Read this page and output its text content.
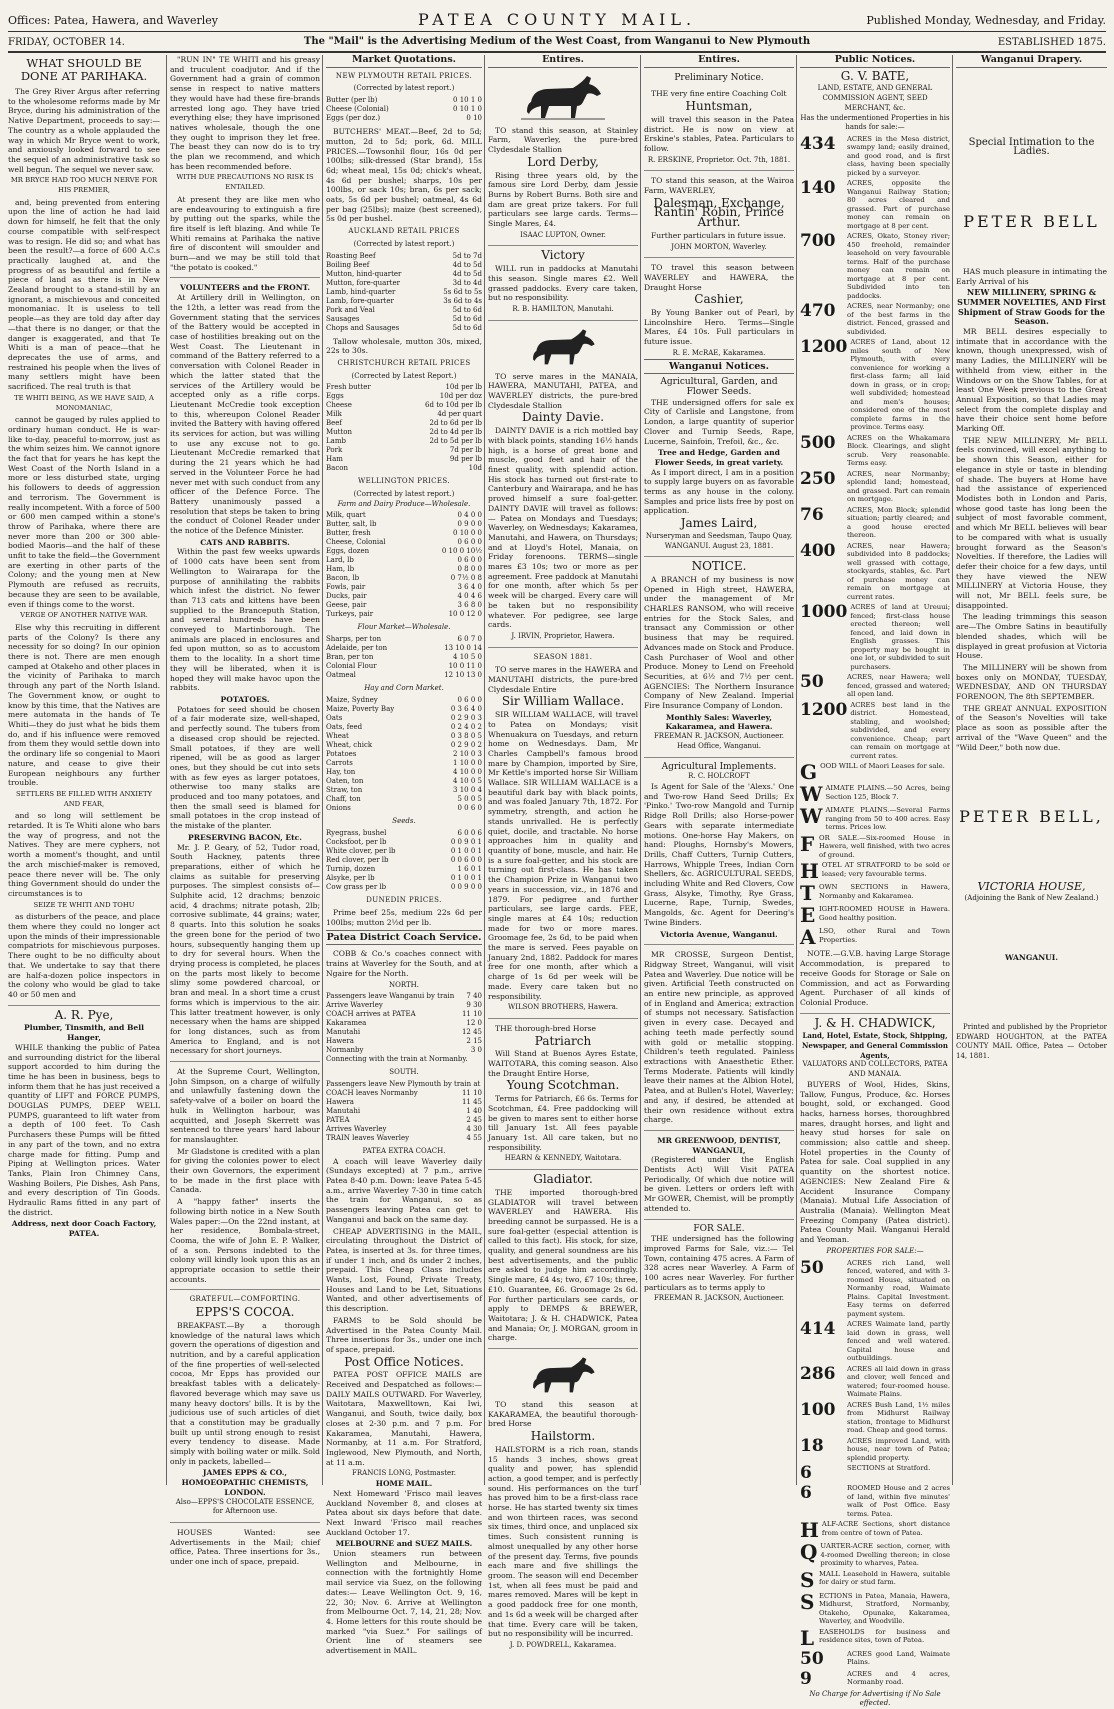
Offices: Patea, Hawera, and Waverley	PATEA COUNTY MAIL.	Published Monday, Wednesday, and Friday.
FRIDAY, OCTOBER 14.	The "Mail" is the Advertising Medium of the West Coast, from Wanganui to New Plymouth	ESTABLISHED 1875.
WHAT SHOULD BE DONE AT PARIHAKA.

The Grey River Argus after referring to the wholesome reforms made by Mr Bryce, during his administration of the Native Department, proceeds to say:— The country as a whole applauded the way in which Mr Bryce went to work, and anxiously looked forward to see the sequel of an administrative task so well begun. The sequel we never saw.

MR BRYCE HAD TOO MUCH NERVE FOR HIS PREMIER,

and, being prevented from entering upon the line of action he had laid down for himself, he felt that the only course compatible with self-respect was to resign. He did so; and what has been the result?—a force of 600 A.C.s practically laughed at, and the progress of as beautiful and fertile a piece of land as there is in New Zealand brought to a stand-still by an ignorant, a mischievous and conceited monomaniac. It is useless to tell people—as they are told day after day—that there is no danger, or that the danger is exaggerated, and that Te Whiti is a man of peace—that he deprecates the use of arms, and restrained his people when the lives of many settlers might have been sacrificed. The real truth is that

TE WHITI BEING, AS WE HAVE SAID, A MONOMANIAC,

cannot be gauged by rules applied to ordinary human conduct. He is war-like to-day, peaceful to-morrow, just as the whim seizes him. We cannot ignore the fact that for years he has kept the West Coast of the North Island in a more or less disturbed state, urging his followers to deeds of aggression and terrorism. The Government is really incompetent. With a force of 500 or 600 men camped within a stone's throw of Parihaka, where there are never more than 200 or 300 able-bodied Maoris—and the half of these unfit to take the field—the Government are exerting in other parts of the Colony; and the young men at New Plymouth are refused as recruits, because they are seen to be available, even if things come to the worst.

VERGE OF ANOTHER NATIVE WAR.

Else why this recruiting in different parts of the Colony? Is there any necessity for so doing? In our opinion there is not. There are men enough camped at Otakeho and other places in the vicinity of Parihaka to march through any part of the North Island. The Government know, or ought to know by this time, that the Natives are mere automata in the hands of Te Whiti—they do just what he bids them do, and if his influence were removed from them they would settle down into the ordinary life so congenial to Maori nature, and cease to give their European neighbours any further trouble.

SETTLERS BE FILLED WITH ANXIETY AND FEAR,

and so long will settlement be retarded. It is Te Whiti alone who bars the way of progress, and not the Natives. They are mere cyphers, not worth a moment's thought, and until the arch mischief-maker is removed, peace there never will be. The only thing Government should do under the circumstances is to

SEIZE TE WHITI AND TOHU

as disturbers of the peace, and place them where they could no longer act upon the minds of their impressionable compatriots for mischievous purposes. There ought to be no difficulty about that. We undertake to say that there are half-a-dozen police inspectors in the colony who would be glad to take 40 or 50 men and

A. R. Pye,
Plumber, Tinsmith, and Bell Hanger,

WHILE thanking the public of Patea and surrounding district for the liberal support accorded to him during the time he has been in business, begs to inform them that he has just received a quantity of LIFT and FORCE PUMPS, DOUGLAS PUMPS, DEEP WELL PUMPS, guaranteed to lift water from a depth of 100 feet. To Cash Purchasers these Pumps will be fitted in any part of the town, and no extra charge made for fitting. Pump and Piping at Wellington prices. Water Tanks, Plain Iron Chimney Cans, Washing Boilers, Pie Dishes, Ash Pans, and every description of Tin Goods. Hydraulic Rams fitted in any part of the district.

Address, next door Coach Factory, PATEA.

"RUN IN" TE WHITI and his greasy and truculent coadjutor. And if the Government had a grain of common sense in respect to native matters they would have had these fire-brands arrested long ago. They have tried everything else; they have imprisoned natives wholesale, though the one they ought to imprison they let free. The beast they can now do is to try the plan we recommend, and which has been recommended before.

WITH DUE PRECAUTIONS NO RISK IS ENTAILED.

At present they are like men who are endeavouring to extinguish a fire by putting out the sparks, while the fire itself is left blazing. And while Te Whiti remains at Parihaka the native fire of discontent will smoulder and burn—and we may be still told that "the potato is cooked."

VOLUNTEERS and the FRONT.

At Artillery drill in Wellington, on the 12th, a letter was read from the Government stating that the services of the Battery would be accepted in case of hostilities breaking out on the West Coast. The Lieutenant in command of the Battery referred to a conversation with Colonel Reader in which the latter stated that the services of the Artillery would be accepted only as a rifle corps. Lieutenant McCredie took exception to this, whereupon Colonel Reader invited the Battery with having offered its services for action, but was willing to use any excuse not to go. Lieutenant McCredie remarked that during the 21 years which he had served in the Volunteer Force he had never met with such conduct from any officer of the Defence Force. The Battery unanimously passed a resolution that steps be taken to bring the conduct of Colonel Reader under the notice of the Defence Minister.

CATS AND RABBITS.

Within the past few weeks upwards of 1000 cats have been sent from Wellington to Wairarapa for the purpose of annihilating the rabbits which infest the district. No fewer than 713 cats and kittens have been supplied to the Branceputh Station, and several hundreds have been conveyed to Martinborough. The animals are placed in enclosures and fed upon mutton, so as to accustom them to the locality. In a short time they will be liberated, when it is hoped they will make havoc upon the rabbits.

POTATOES.

Potatoes for seed should be chosen of a fair moderate size, well-shaped, and perfectly sound. The tubers from a diseased crop should be rejected. Small potatoes, if they are well ripened, will be as good as larger ones, but they should be cut into sets with as few eyes as larger potatoes, otherwise too many stalks are produced and too many potatoes, and then the small seed is blamed for small potatoes in the crop instead of the mistake of the planter.

PRESERVING BACON, Etc.

Mr. J. P. Geary, of 52, Tudor road, South Hackney, patents three preparations, either of which he claims as suitable for preserving purposes. The simplest consists of—Sulphite acid, 12 drachms; benzoic acid, 4 drachms; nitrate potash, 2lb; corrosive sublimate, 44 grains; water, 8 quarts. Into this solution he soaks the green bone for the period of two hours, subsequently hanging them up to dry for several hours. When the drying process is completed, he places on the parts most likely to become slimy some powdered charcoal, or bran and meal. In a short time a crust forms which is impervious to the air. This latter treatment however, is only necessary when the hams are shipped for long distances, such as from America to England, and is not necessary for short journeys.

At the Supreme Court, Wellington, John Simpson, on a charge of wilfully and unlawfully fastening down the safety-valve of a boiler on board the hulk in Wellington harbour, was acquitted, and Joseph Skerrett was sentenced to three years' hard labour for manslaughter.

Mr Gladstone is credited with a plan for giving the colonies power to elect their own Governors, the experiment to be made in the first place with Canada.

A "happy father" inserts the following birth notice in a New South Wales paper:—On the 22nd instant, at her residence, Bombala-street, Cooma, the wife of John E. P. Walker, of a son. Persons indebted to the colony will kindly look upon this as an appropriate occasion to settle their accounts.

GRATEFUL—COMFORTING.
EPPS'S COCOA.

BREAKFAST.—By a thorough knowledge of the natural laws which govern the operations of digestion and nutrition, and by a careful application of the fine properties of well-selected cocoa, Mr Epps has provided our breakfast tables with a delicately-flavored beverage which may save us many heavy doctors' bills. It is by the judicious use of such articles of diet that a constitution may be gradually built up until strong enough to resist every tendency to disease. Made simply with boiling water or milk. Sold only in packets, labelled—

JAMES EPPS & CO., HOMOEOPATHIC CHEMISTS, LONDON.
Also—EPPS'S CHOCOLATE ESSENCE, for Afternoon use.

HOUSES Wanted: see Advertisements in the Mail; chief office, Patea. Three insertions for 3s., under one inch of space, prepaid.

Market Quotations.
NEW PLYMOUTH RETAIL PRICES.
(Corrected by latest report.)
Butter (per lb)	0 10 1 0
Cheese (Colonial)	0 10 1 0
Eggs (per doz.)	0 10

BUTCHERS' MEAT.—Beef, 2d to 5d; mutton, 2d to 5d; pork, 6d. MILL PRICES.—Towsonhil flour, 16s 0d per 100lbs; silk-dressed (Star brand), 15s 6d; wheat meal, 15s 0d; chick's wheat, 4s 6d per bushel; sharps, 10s per 100lbs, or sack 10s; bran, 6s per sack; oats, 5s 6d per bushel; oatmeal, 4s 6d per bag (25lbs); maize (best screened), 5s 0d per bushel.

AUCKLAND RETAIL PRICES
(Corrected by latest report.)
Roasting Beef	5d to 7d
Boiling Beef	4d to 5d
Mutton, hind-quarter	4d to 5d
Mutton, fore-quarter	3d to 4d
Lamb, hind-quarter	5s 6d to 5s
Lamb, fore-quarter	3s 6d to 4s
Pork and Veal	5d to 6d
Sausages	5d to 6d
Chops and Sausages	5d to 6d

Tallow wholesale, mutton 30s, mixed, 22s to 30s.

CHRISTCHURCH RETAIL PRICES
(Corrected by Latest Report.)
Fresh butter	10d per lb
Eggs	10d per doz
Cheese	6d to 10d per lb
Milk	4d per quart
Beef	2d to 6d per lb
Mutton	2d to 4d per lb
Lamb	2d to 5d per lb
Pork	7d per lb
Ham	9d per lb
Bacon	10d
WELLINGTON PRICES.
(Corrected by latest report.)
Farm and Dairy Produce—Wholesale.
Milk, quart	0 4 0 0
Butter, salt, lb	0 9 0 0
Butter, fresh	0 10 0 0
Cheese, Colonial	0 6 0 0
Eggs, dozen	0 10 0 10½
Lard, lb	0 6 0 0
Ham, lb	0 8 0 0
Bacon, lb	0 7½ 0 8
Fowls, pair	3 6 4 0
Ducks, pair	4 0 4 6
Geese, pair	3 6 8 0
Turkeys, pair	10 0 12 0
Flour Market—Wholesale.
Sharps, per ton	6 0 7 0
Adelaide, per ton	13 10 0 14
Bran, per ton	4 10 5 0
Colonial Flour	10 0 11 0
Oatmeal	12 10 13 0
Hay and Corn Market.
Maize, Sydney	0 6 0 0
Maize, Poverty Bay	0 3 6 4 0
Oats	0 2 9 0 3
Oats, feed	0 2 4 0 2
Wheat	0 3 8 0 5
Wheat, chick	0 2 9 0 2
Potatoes	2 10 0 3
Carrots	1 10 0 0
Hay, ton	4 10 0 0
Oaten, ton	4 10 0 5
Straw, ton	3 10 0 4
Chaff, ton	5 0 0 5
Onions	0 0 6 0
Seeds.
Ryegrass, bushel	6 0 0 6
Cocksfoot, per lb	0 0 9 0 1
White clover, per lb	0 1 0 0 1
Red clover, per lb	0 0 6 0 0
Turnip, dozen	1 6 0 1
Alsyke, per lb	0 1 0 0 1
Cow grass per lb	0 0 9 0 0
DUNEDIN PRICES.

Prime beef 25s, medium 22s 6d per 100lbs; mutton 2½d per lb.

Patea District Coach Service.

COBB & Co.'s coaches connect with trains at Waverley for the South, and at Ngaire for the North.

NORTH.
Passengers leave Wanganui by train 7 40
Arrive Waverley	9 30
COACH arrives at PATEA	11 10
Kakaramea	12 0
Manutahi	12 45
Hawera	2 15
Normanby	3 0
Connecting with the train at Normanby.
SOUTH.
Passengers leave New Plymouth by train at
COACH leaves Normanby	11 10
Hawera	11 45
Manutahi	1 40
PATEA	2 45
Arrives Waverley	4 30
TRAIN leaves Waverley	4 55
PATEA EXTRA COACH.

A coach will leave Waverley daily (Sundays excepted) at 7 p.m., arrive Patea 8-40 p.m. Down: leave Patea 5-45 a.m., arrive Waverley 7-30 in time catch the train for Wanganui, so as passengers leaving Patea can get to Wanganui and back on the same day.

CHEAP ADVERTISING in the MAIL, circulating throughout the District of Patea, is inserted at 3s. for three times, if under 1 inch, and 8s under 2 inches, prepaid. This Cheap Class includes Wants, Lost, Found, Private Treaty, Houses and Land to be Let, Situations Wanted, and other advertisements of this description.

FARMS to be Sold should be Advertised in the Patea County Mail. Three insertions for 3s., under one inch of space, prepaid.

Post Office Notices.

PATEA POST OFFICE MAILS are Received and Despatched as follows:— DAILY MAILS OUTWARD. For Waverley, Waitotara, Maxwelltown, Kai Iwi, Wanganui, and South, twice daily, box closes at 2-30 p.m. and 7 p.m. For Kakaramea, Manutahi, Hawera, Normanby, at 11 a.m. For Stratford, Inglewood, New Plymouth, and North, at 11 a.m.

FRANCIS LONG, Postmaster.
HOME MAIL.

Next Homeward 'Frisco mail leaves Auckland November 8, and closes at Patea about six days before that date. Next Inward 'Frisco mail reaches Auckland October 17.

MELBOURNE and SUEZ MAILS.

Union steamers run between Wellington and Melbourne, in connection with the fortnightly Home mail service via Suez, on the following dates:— Leave Wellington Oct. 9, 16, 22, 30; Nov. 6. Arrive at Wellington from Melbourne Oct. 7, 14, 21, 28; Nov. 4. Home letters for this route should be marked "via Suez." For sailings of Orient line of steamers see advertisement in MAIL.

Entires.

TO stand this season, at Stainley Farm, Waverley, the pure-bred Clydesdale Stallion

Lord Derby,

Rising three years old, by the famous sire Lord Derby, dam Jessie Burns by Robert Burns. Both sire and dam are great prize takers. For full particulars see large cards. Terms—Single Mares, £4.

ISAAC LUPTON, Owner.
Victory

WILL run in paddocks at Manutahi this season. Single mares £2. Well grassed paddocks. Every care taken, but no responsibility.

R. B. HAMILTON, Manutahi.

TO serve mares in the MANAIA, HAWERA, MANUTAHI, PATEA, and WAVERLEY districts, the pure-bred Clydesdale Stallion

Dainty Davie.

DAINTY DAVIE is a rich mottled bay with black points, standing 16½ hands high, is a horse of great bone and muscle, good feet and hair of the finest quality, with splendid action. His stock has turned out first-rate to Canterbury and Wairarapa, and he has proved himself a sure foal-getter. DAINTY DAVIE will travel as follows:— Patea on Mondays and Tuesdays; Waverley, on Wednesdays; Kakaramea, Manutahi, and Hawera, on Thursdays; and at Lloyd's Hotel, Manaia, on Friday forenoons. TERMS—single mares £3 10s; two or more as per agreement. Free paddock at Manutahi for one month, after which 5s per week will be charged. Every care will be taken but no responsibility whatever. For pedigree, see large cards.

J. IRVIN, Proprietor, Hawera.
SEASON 1881.

TO serve mares in the HAWERA and MANUTAHI districts, the pure-bred Clydesdale Entire

Sir William Wallace.

SIR WILLIAM WALLACE, will travel to Patea on Mondays; visit Whenuakura on Tuesdays, and return home on Wednesdays. Dam, Mr Charles Campbell's famous brood mare by Champion, imported by Sire, Mr Kettle's imported horse Sir William Wallace. SIR WILLIAM WALLACE is a beautiful dark bay with black points, and was foaled January 7th, 1872. For symmetry, strength, and action he stands unrivalled. He is perfectly quiet, docile, and tractable. No horse approaches him in quality and quantity of bone, muscle, and hair. He is a sure foal-getter, and his stock are turning out first-class. He has taken the Champion Prize in Wanganui two years in succession, viz., in 1876 and 1879. For pedigree and further particulars, see large cards. FEE, single mares at £4 10s; reduction made for two or more mares. Groomage fee, 2s 6d, to be paid when the mare is served. Fees payable on January 2nd, 1882. Paddock for mares free for one month, after which a charge of 1s 6d per week will be made. Every care taken but no responsibility.

WILSON BROTHERS, Hawera.

THE thorough-bred Horse

Patriarch

Will Stand at Buenos Ayres Estate, WAITOTARA, this coming season. Also the Draught Entire Horse,

Young Scotchman.

Terms for Patriarch, £6 6s. Terms for Scotchman, £4. Free paddocking will be given to mares sent to either horse till January 1st. All fees payable January 1st. All care taken, but no responsibility.

HEARN & KENNEDY, Waitotara.
Gladiator.

THE imported thorough-bred GLADIATOR will travel between WAVERLEY and HAWERA. His breeding cannot be surpassed. He is a sure foal-getter (especial attention is called to this fact). His stock, for size, quality, and general soundness are his best advertisements, and the public are asked to judge him accordingly. Single mare, £4 4s; two, £7 10s; three, £10. Guarantee, £6. Groomage 2s 6d. For further particulars see cards, or apply to DEMPS & BREWER, Waitotara; J. & H. CHADWICK, Patea and Manaia; Or, J. MORGAN, groom in charge.

TO stand this season at KAKARAMEA, the beautiful thorough-bred Horse

Hailstorm.

HAILSTORM is a rich roan, stands 15 hands 3 inches, shows great quality and power, has splendid action, a good temper, and is perfectly sound. His performances on the turf has proved him to be a first-class race horse. He has started twenty six times and won thirteen races, was second six times, third once, and unplaced six times. Such consistent running is almost unequalled by any other horse of the present day. Terms, five pounds each mare and five shillings the groom. The season will end December 1st, when all fees must be paid and mares removed. Mares will be kept in a good paddock free for one month, and 1s 6d a week will be charged after that time. Every care will be taken, but no responsibility will be incurred.

J. D. POWDRELL, Kakaramea.
Entires.
Preliminary Notice.

THE very fine entire Coaching Colt

Huntsman,

will travel this season in the Patea district. He is now on view at Erskine's stables, Patea. Particulars to follow.

R. ERSKINE, Proprietor. Oct. 7th, 1881.

TO stand this season, at the Wairoa Farm, WAVERLEY,

Dalesman, Exchange, Rantin' Robin, Prince Arthur.

Further particulars in future issue.

JOHN MORTON, Waverley.

TO travel this season between WAVERLEY and HAWERA, the Draught Horse

Cashier,

By Young Banker out of Pearl, by Lincolnshire Hero. Terms—Single Mares, £4 10s. Full particulars in future issue.

R. E. McRAE, Kakaramea.
Wanganui Notices.
Agricultural, Garden, and Flower Seeds.

THE undersigned offers for sale ex City of Carlisle and Langstone, from London, a large quantity of superior Clover and Turnip Seeds, Rape, Lucerne, Sainfoin, Trefoil, &c., &c.

Tree and Hedge, Garden and Flower Seeds, in great variety.

As I import direct, I am in a position to supply large buyers on as favorable terms as any house in the colony. Samples and price lists free by post on application.

James Laird,
Nurseryman and Seedsman, Taupo Quay, WANGANUI. August 23, 1881.
NOTICE.

A BRANCH of my business is now Opened in High street, HAWERA, under the management of Mr CHARLES RANSOM, who will receive entries for the Stock Sales, and transact any Commission or other business that may be required. Advances made on Stock and Produce. Cash Purchaser of Wool and other Produce. Money to Lend on Freehold Securities, at 6½ and 7½ per cent. AGENCIES: The Northern Insurance Company of New Zealand. Imperial Fire Insurance Company of London.

Monthly Sales: Waverley, Kakaramea, and Hawera.
FREEMAN R. JACKSON, Auctioneer. Head Office, Wanganui.
Agricultural Implements.
R. C. HOLCROFT

Is Agent for Sale of the 'Alexs.' One and Two-row Hand Seed Drills; Ex 'Pinko.' Two-row Mangold and Turnip Ridge Roll Drills; also Horse-power Gears with separate intermediate motions. One-horse Hay Makers, on hand: Ploughs, Hornsby's Mowers, Drills, Chaff Cutters, Turnip Cutters, Harrows, Whipple Trees, Indian Corn Shellers, &c. AGRICULTURAL SEEDS, including White and Red Clovers, Cow Grass, Alsyke, Timothy, Rye Grass, Lucerne, Rape, Turnip, Swedes, Mangolds, &c. Agent for Deering's Twine Binders.

Victoria Avenue, Wanganui.

MR CROSSE, Surgeon Dentist, Ridgway Street, Wanganui, will visit Patea and Waverley. Due notice will be given. Artificial Teeth constructed on an entire new principle, as approved of in England and America; extraction of stumps not necessary. Satisfaction given in every case. Decayed and aching teeth made perfectly sound with gold or metallic stopping. Children's teeth regulated. Painless extractions with Anaesthetic Ether. Terms Moderate. Patients will kindly leave their names at the Albion Hotel, Patea, and at Bullen's Hotel, Waverley; and any, if desired, be attended at their own residence without extra charge.

MR GREENWOOD, DENTIST, WANGANUI,

(Registered under the English Dentists Act) Will Visit PATEA Periodically, Of which due notice will be given. Letters or orders left with Mr GOWER, Chemist, will be promptly attended to.

FOR SALE.

THE undersigned has the following improved Farms for Sale, viz.:— Tel Town, containing 475 acres. A Farm of 328 acres near Waverley. A Farm of 100 acres near Waverley. For further particulars as to terms apply to

FREEMAN R. JACKSON, Auctioneer.
Public Notices.
G. V. BATE,
LAND, ESTATE, AND GENERAL COMMISSION AGENT, SEED MERCHANT, &c.
Has the undermentioned Properties in his hands for sale:—
434	ACRES in the Mesa district, swampy land; easily drained, and good road, and is first class, having been specially picked by a surveyor.
140	ACRES, opposite the Wanganui Railway Station; 80 acres cleared and grassed. Part of purchase money can remain on mortgage at 8 per cent.
700	ACRES, Okato, Stoney river; 450 freehold, remainder leasehold on very favourable terms. Half of the purchase money can remain on mortgage at 8 per cent. Subdivided into ten paddocks.
470	ACRES, near Normanby; one of the best farms in the district. Fenced, grassed and subdivided.
1200 ACRES of Land, about 12 miles south of New Plymouth, with every convenience for working a first-class farm; all laid down in grass, or in crop; well subdivided; homestead and men's houses; considered one of the most complete farms in the province. Terms easy.
500	ACRES on the Whakamara Block. Clearings, and slight scrub. Very reasonable. Terms easy.
250	ACRES, near Normanby; splendid land; homestead, and grassed. Part can remain on mortgage.
76	ACRES, Mon Block; splendid situation; partly cleared; and a good house erected thereon.
400	ACRES, near Hawera; subdivided into 8 paddocks; well grassed with cottage, stockyards, stables, &c. Part of purchase money can remain on mortgage at current rates.
1000 ACRES of land at Ureuui; fenced; first-class house erected thereon; well fenced, and laid down in English grasses. This property may be bought in one lot, or subdivided to suit purchasers.
50	ACRES, near Hawera; well fenced, grassed and watered; all open land.
1200 ACRES best land in the district. Homestead, stabling, and woolshed; subdivided, and every convenience. Cheap; part can remain on mortgage at current rates.
G OOD WILL of Maori Leases for sale.
W AIMATE PLAINS.—50 Acres, being Section 125, Block 7.
W AIMATE PLAINS.—Several Farms ranging from 50 to 400 acres. Easy terms. Prices low.
F OR SALE.—Six-roomed House in Hawera, well finished, with two acres of ground.
H OTEL AT STRATFORD to be sold or leased; very favourable terms.
T OWN SECTIONS in Hawera, Normanby and Kakaramea.
E IGHT-ROOMED HOUSE in Hawera. Good healthy position.
A LSO, other Rural and Town Properties.

NOTE.—G.V.B. having Large Storage Accommodation, is prepared to receive Goods for Storage or Sale on Commission, and act as Forwarding Agent. Purchaser of all kinds of Colonial Produce.

J. & H. CHADWICK,
Land, Hotel, Estate, Stock, Shipping, Newspaper, and General Commission Agents,
VALUATORS AND COLLECTORS, PATEA AND MANAIA.

BUYERS of Wool, Hides, Skins, Tallow, Fungus, Produce, &c. Horses bought, sold, or exchanged. Good hacks, harness horses, thoroughbred mares, draught horses, and light and heavy stud horses for sale on commission; also cattle and sheep. Hotel properties in the County of Patea for sale. Coal supplied in any quantity on the shortest notice. AGENCIES: New Zealand Fire & Accident Insurance Company (Manaia). Mutual Life Association of Australia (Manaia). Wellington Meat Freezing Company (Patea district). Patea County Mail. Wanganui Herald and Yeoman.

PROPERTIES FOR SALE:—
50	ACRES rich Land, well fenced, watered, and with 3-roomed House, situated on Normanby road, Waimate Plains. Capital Investment. Easy terms on deferred payment system.
414	ACRES Waimate land, partly laid down in grass, well fenced and well watered. Capital house and outbuildings.
286	ACRES all laid down in grass and clover, well fenced and watered; four-roomed house. Waimate Plains.
100	ACRES Bush Land, 1½ miles from Midhurst Railway station, frontage to Midhurst road. Cheap and good terms.
18	ACRES improved Land, with house, near town of Patea; splendid property.
6	SECTIONS at Stratford.
6	ROOMED House and 2 acres of land, within five minutes' walk of Post Office. Easy terms. Patea.
H ALF-ACRE Sections, short distance from centre of town of Patea.
Q UARTER-ACRE section, corner, with 4-roomed Dwelling thereon; in close proximity to wharves, Patea.
S MALL Leasehold in Hawera, suitable for dairy or stud farm.
S ECTIONS in Patea, Manaia, Hawera, Midhurst, Stratford, Normanby, Otakeho, Opunake, Kakaramea, Waverley, and Woodville.
L EASEHOLDS for business and residence sites, town of Patea.
50	ACRES good Land, Waimate Plains.
9	ACRES and 4 acres, Normanby road.
No Charge for Advertising if No Sale effected.
Wanganui Drapery.
Special Intimation to the Ladies.
PETER BELL

HAS much pleasure in intimating the Early Arrival of his

NEW MILLINERY, SPRING & SUMMER NOVELTIES, AND First Shipment of Straw Goods for the Season.

MR BELL desires especially to intimate that in accordance with the known, though unexpressed, wish of many Ladies, the MILLINERY will be withheld from view, either in the Windows or on the Show Tables, for at least One Week previous to the Great Annual Exposition, so that Ladies may select from the complete display and have their choice sent home before Marking Off.

THE NEW MILLINERY, Mr BELL feels convinced, will excel anything to be shown this Season, either for elegance in style or taste in blending of shade. The buyers at Home have had the assistance of experienced Modistes both in London and Paris, whose good taste has long been the subject of most favorable comment, and which Mr BELL believes will bear to be compared with what is usually brought forward as the Season's Novelties. If therefore, the Ladies will defer their choice for a few days, until they have viewed the NEW MILLINERY at Victoria House, they will not, Mr BELL feels sure, be disappointed.

The leading trimmings this season are—The Ombre Satins in beautifully blended shades, which will be displayed in great profusion at Victoria House.

The MILLINERY will be shown from boxes only on MONDAY, TUESDAY, WEDNESDAY, AND ON THURSDAY FORENOON, The 8th SEPTEMBER.

THE GREAT ANNUAL EXPOSITION of the Season's Novelties will take place as soon as possible after the arrival of the "Wave Queen" and the "Wild Deer," both now due.

PETER BELL,
VICTORIA HOUSE,
(Adjoining the Bank of New Zealand.)
WANGANUI.

Printed and published by the Proprietor EDWARD HOUGHTON, at the PATEA COUNTY MAIL Office, Patea — October 14, 1881.
